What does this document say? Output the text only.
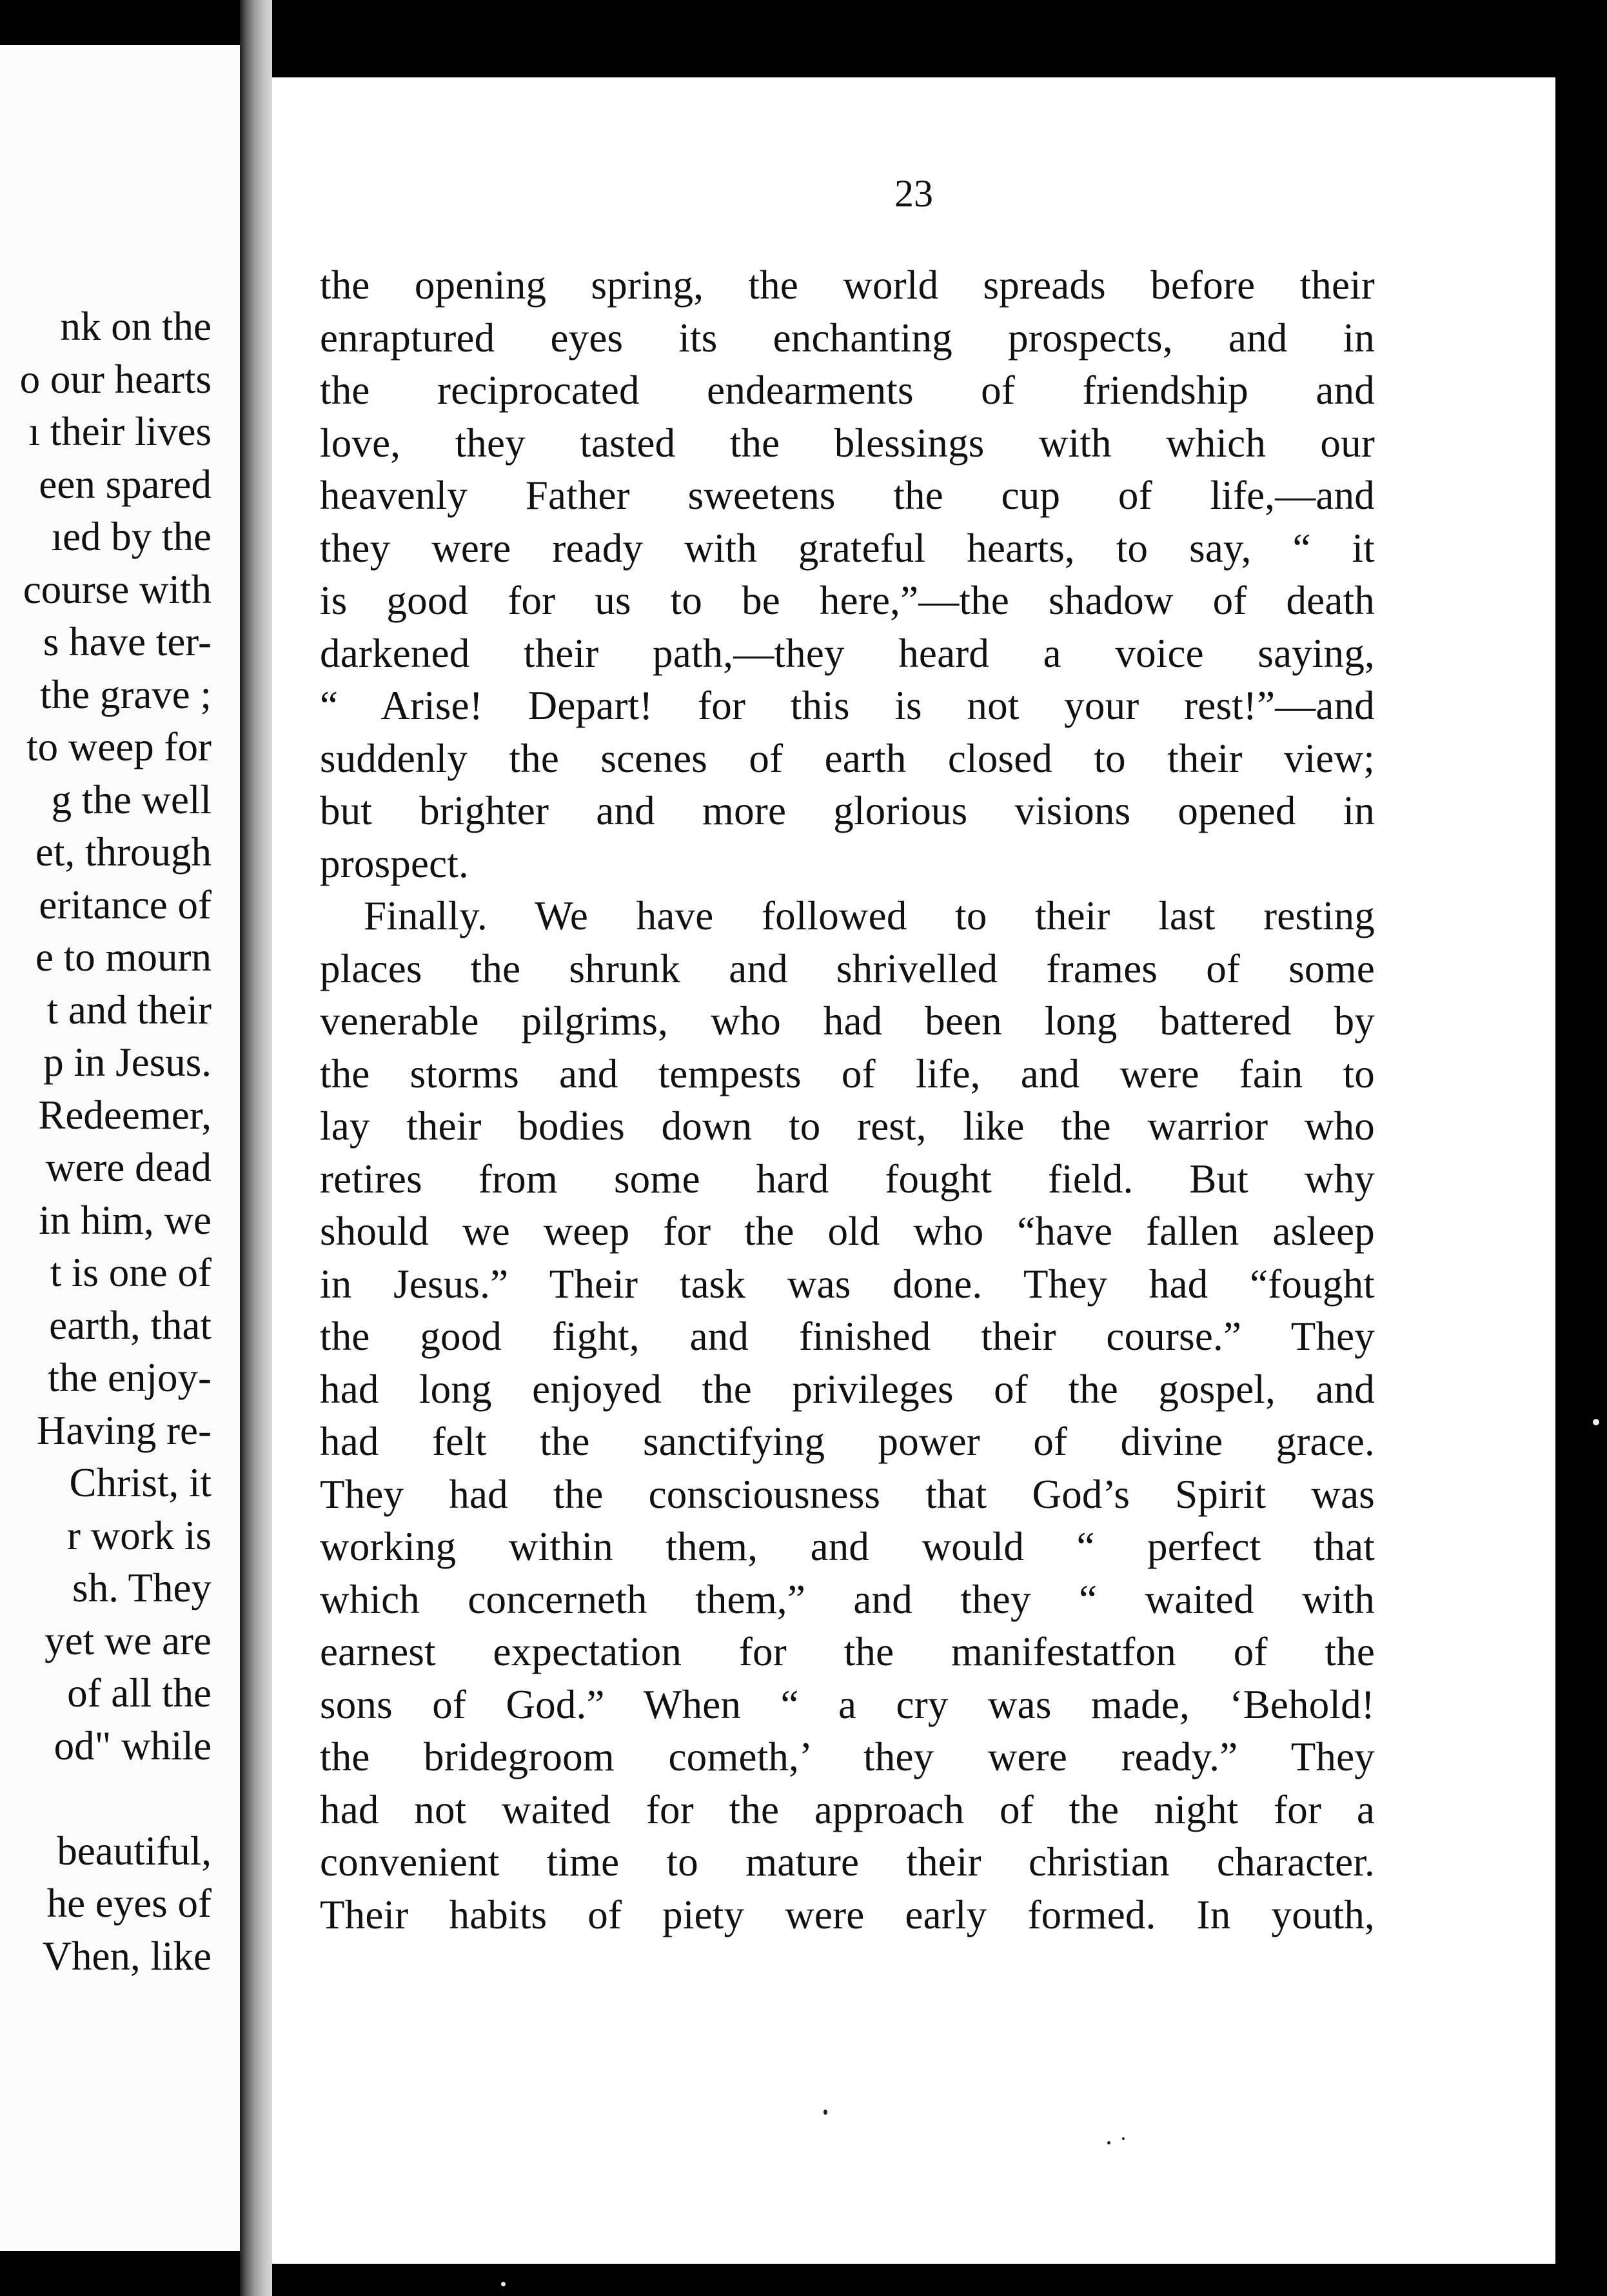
nk on the
o our hearts
ı their lives
een spared
ıed by the
course with
s have ter-
the grave ;
to weep for
g the well
et, through
eritance of
e to mourn
t and their
p in Jesus.
Redeemer,
were dead
in him, we
t is one of
earth, that
the enjoy-
Having re-
Christ, it
r work is
sh. They
yet we are
of all the
od" while
beautiful,
he eyes of
Vhen, like

23

the opening spring, the world spreads before their
enraptured eyes its enchanting prospects, and in
the reciprocated endearments of friendship and
love, they tasted the blessings with which our
heavenly Father sweetens the cup of life,—and
they were ready with grateful hearts, to say, “ it
is good for us to be here,”—the shadow of death
darkened their path,—they heard a voice saying,
“ Arise! Depart! for this is not your rest!”—and
suddenly the scenes of earth closed to their view;
but brighter and more glorious visions opened in
prospect.
Finally. We have followed to their last resting
places the shrunk and shrivelled frames of some
venerable pilgrims, who had been long battered by
the storms and tempests of life, and were fain to
lay their bodies down to rest, like the warrior who
retires from some hard fought field. But why
should we weep for the old who “have fallen asleep
in Jesus.” Their task was done. They had “fought
the good fight, and finished their course.” They
had long enjoyed the privileges of the gospel, and
had felt the sanctifying power of divine grace.
They had the consciousness that God’s Spirit was
working within them, and would “ perfect that
which concerneth them,” and they “ waited with
earnest expectation for the manifestatfon of the
sons of God.” When “ a cry was made, ‘Behold!
the bridegroom cometh,’ they were ready.” They
had not waited for the approach of the night for a
convenient time to mature their christian character.
Their habits of piety were early formed. In youth,
